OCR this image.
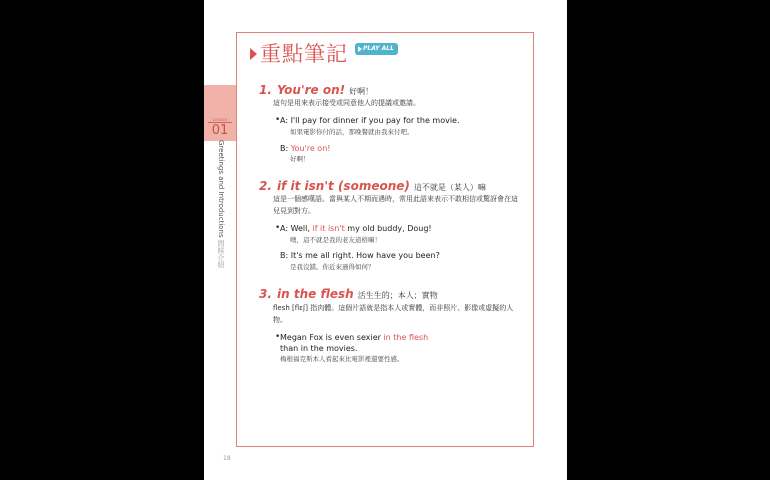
Lesson
01
Greetings and Introductions 問候介紹
18
重點筆記	PLAY ALL
1. You're on! 好啊！
這句是用來表示接受或同意他人的提議或邀請。
• A: I'll pay for dinner if you pay for the movie.
如果電影你付的話，那晚餐就由我來付吧。
B: You're on!
好啊！
2. if it isn't (someone) 這不就是（某人）嘛
這是一個感嘆語。當與某人不期而遇時，常用此語來表示不敢相信或驚訝會在這兒見到對方。
• A: Well, if it isn't my old buddy, Doug!
噢，這不就是我的老友道格嘛！
B: It's me all right. How have you been?
是我沒錯。你近來過得如何？
3. in the flesh 活生生的；本人；實物
flesh [flɛʃ] 指肉體。這個片語就是指本人或實體，而非照片、影像或虛擬的人物。
• Megan Fox is even sexier in the flesh
than in the movies.
梅根福克斯本人看起來比電影裡還要性感。
